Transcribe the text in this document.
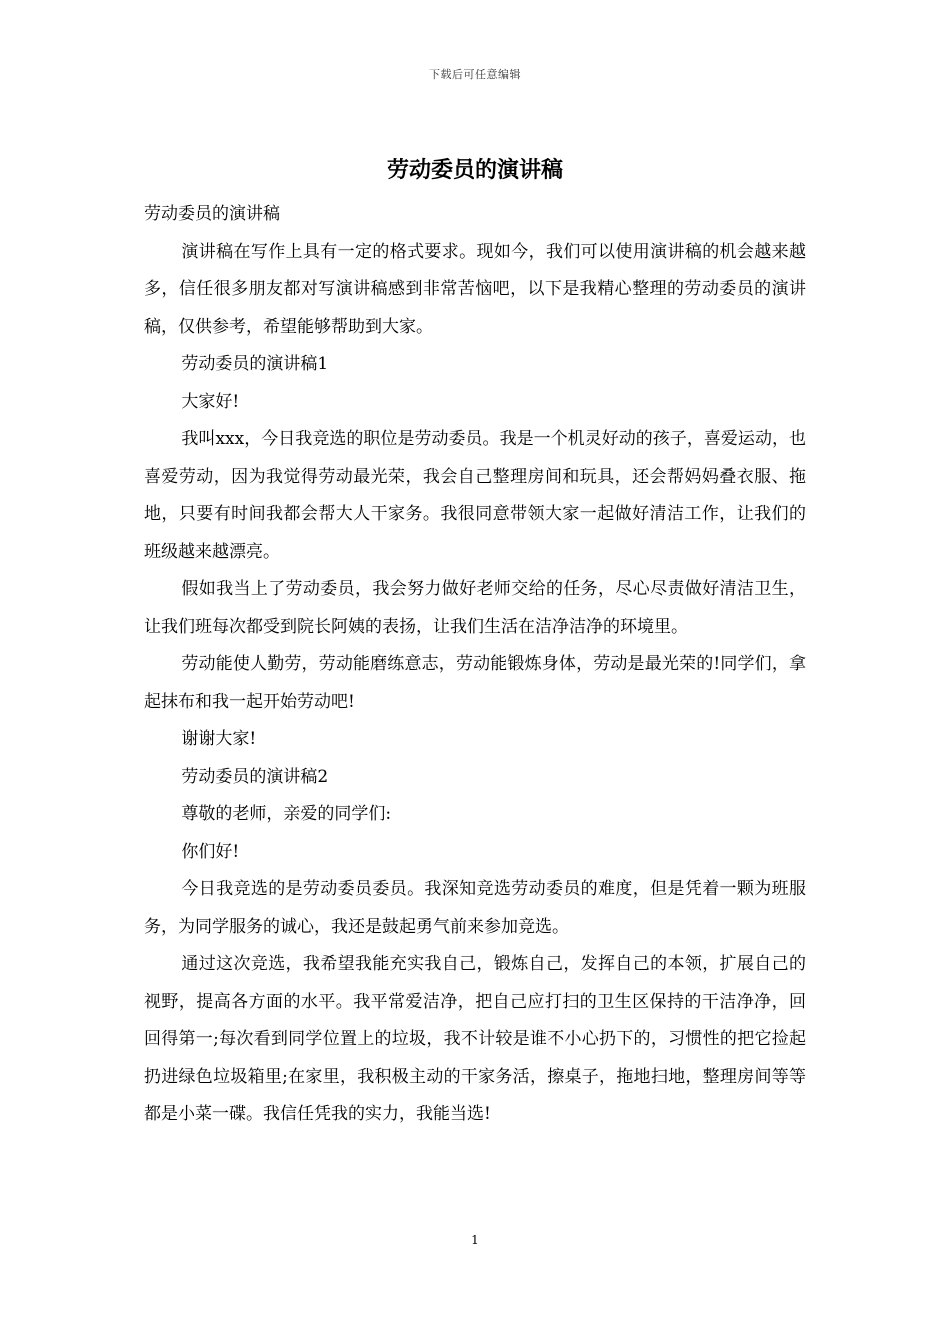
下载后可任意编辑
劳动委员的演讲稿

劳动委员的演讲稿

演讲稿在写作上具有一定的格式要求。现如今，我们可以使用演讲稿的机会越来越多，信任很多朋友都对写演讲稿感到非常苦恼吧，以下是我精心整理的劳动委员的演讲稿，仅供参考，希望能够帮助到大家。

劳动委员的演讲稿1

大家好!

我叫xxx，今日我竞选的职位是劳动委员。我是一个机灵好动的孩子，喜爱运动，也喜爱劳动，因为我觉得劳动最光荣，我会自己整理房间和玩具，还会帮妈妈叠衣服、拖地，只要有时间我都会帮大人干家务。我很同意带领大家一起做好清洁工作，让我们的班级越来越漂亮。

假如我当上了劳动委员，我会努力做好老师交给的任务，尽心尽责做好清洁卫生，让我们班每次都受到院长阿姨的表扬，让我们生活在洁净洁净的环境里。

劳动能使人勤劳，劳动能磨练意志，劳动能锻炼身体，劳动是最光荣的!同学们，拿起抹布和我一起开始劳动吧!

谢谢大家!

劳动委员的演讲稿2

尊敬的老师，亲爱的同学们:

你们好!

今日我竞选的是劳动委员委员。我深知竞选劳动委员的难度，但是凭着一颗为班服务，为同学服务的诚心，我还是鼓起勇气前来参加竞选。

通过这次竞选，我希望我能充实我自己，锻炼自己，发挥自己的本领，扩展自己的视野，提高各方面的水平。我平常爱洁净，把自己应打扫的卫生区保持的干洁净净，回回得第一;每次看到同学位置上的垃圾，我不计较是谁不小心扔下的，习惯性的把它捡起扔进绿色垃圾箱里;在家里，我积极主动的干家务活，擦桌子，拖地扫地，整理房间等等都是小菜一碟。我信任凭我的实力，我能当选!

1
